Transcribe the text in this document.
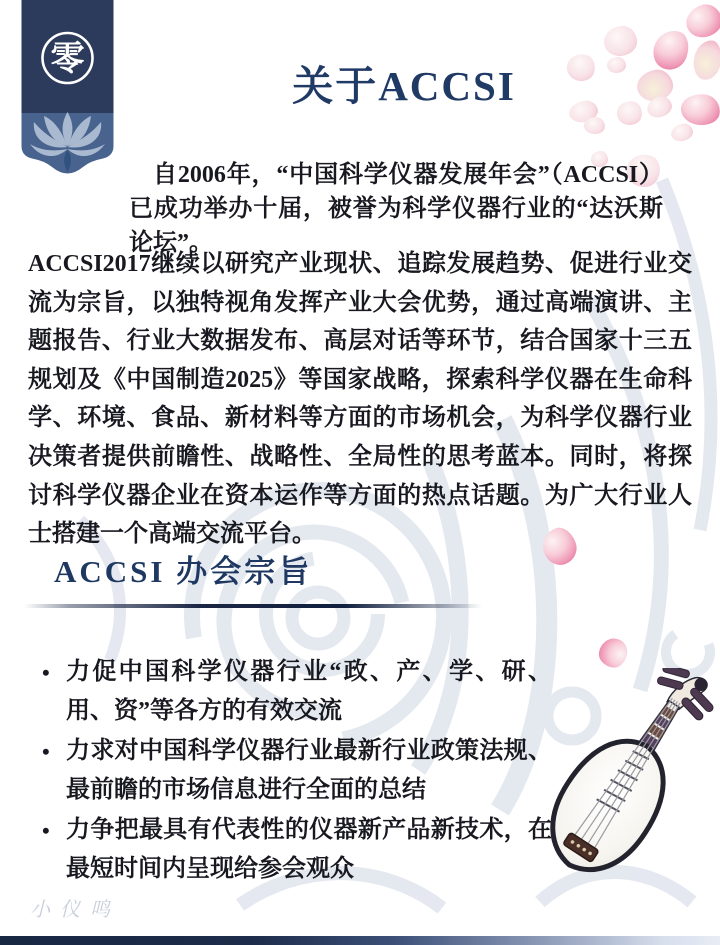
零
关于ACCSI

自2006年，“中国科学仪器发展年会”（ACCSI）已成功举办十届，被誉为科学仪器行业的“达沃斯论坛”。

ACCSI2017继续以研究产业现状、追踪发展趋势、促进行业交流为宗旨，以独特视角发挥产业大会优势，通过高端演讲、主题报告、行业大数据发布、高层对话等环节，结合国家十三五规划及《中国制造2025》等国家战略，探索科学仪器在生命科学、环境、食品、新材料等方面的市场机会，为科学仪器行业决策者提供前瞻性、战略性、全局性的思考蓝本。同时，将探讨科学仪器企业在资本运作等方面的热点话题。为广大行业人士搭建一个高端交流平台。

ACCSI 办会宗旨
• 力促中国科学仪器行业“政、产、学、研、用、资”等各方的有效交流
• 力求对中国科学仪器行业最新行业政策法规、最前瞻的市场信息进行全面的总结
• 力争把最具有代表性的仪器新产品新技术，在最短时间内呈现给参会观众
小仪鸣
